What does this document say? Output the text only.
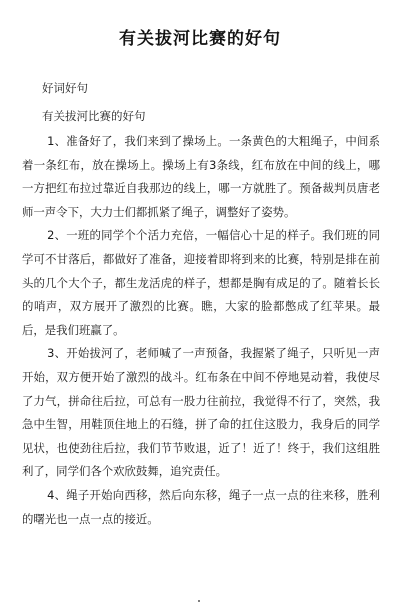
有关拔河比赛的好句
好词好句
有关拔河比赛的好句

1、准备好了，我们来到了操场上。一条黄色的大粗绳子，中间系着一条红布，放在操场上。操场上有3条线，红布放在中间的线上，哪一方把红布拉过靠近自我那边的线上，哪一方就胜了。预备裁判员唐老师一声令下，大力士们都抓紧了绳子，调整好了姿势。

2、一班的同学个个活力充倍，一幅信心十足的样子。我们班的同学可不甘落后，都做好了准备，迎接着即将到来的比赛，特别是排在前头的几个大个子，都生龙活虎的样子，想都是胸有成足的了。随着长长的哨声，双方展开了激烈的比赛。瞧，大家的脸都憋成了红苹果。最后，是我们班赢了。

3、开始拔河了，老师喊了一声预备，我握紧了绳子，只听见一声开始，双方便开始了激烈的战斗。红布条在中间不停地晃动着，我使尽了力气，拼命往后拉，可总有一股力往前拉，我觉得不行了，突然，我急中生智，用鞋顶住地上的石缝，拼了命的扛住这股力，我身后的同学见状，也使劲往后拉，我们节节败退，近了！近了！终于，我们这组胜利了，同学们各个欢欣鼓舞，追究责任。

4、绳子开始向西移，然后向东移，绳子一点一点的往来移，胜利的曙光也一点一点的接近。
